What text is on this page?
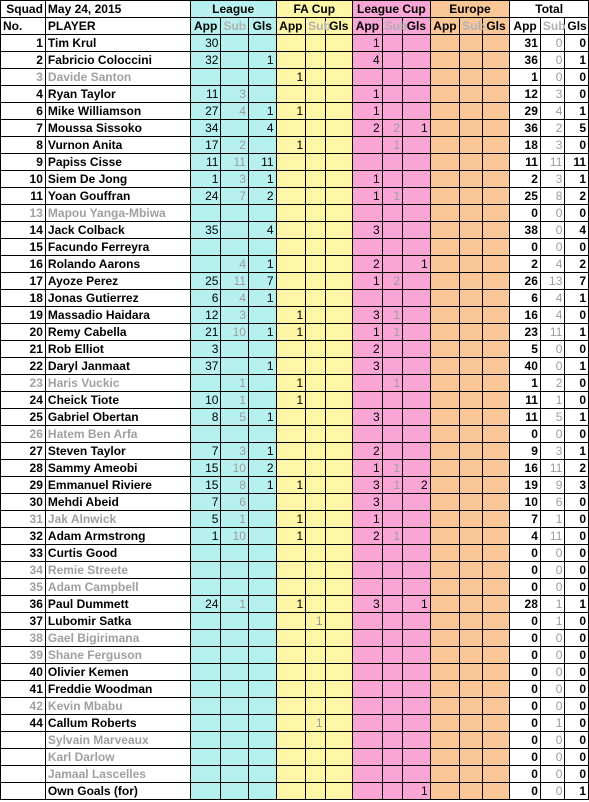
Squad	May 24, 2015	League			FA Cup			League Cup			Europe			Total		
No.	PLAYER	App	Sub	Gls	App	Sub	Gls	App	Sub	Gls	App	Sub	Gls	App	Sub	Gls
1	Tim Krul	30						1						31	0	0
2	Fabricio Coloccini	32		1				4						36	0	1
3	Davide Santon				1									1	0	0
4	Ryan Taylor	11	3					1						12	3	0
6	Mike Williamson	27	4	1	1			1						29	4	1
7	Moussa Sissoko	34		4				2	2	1				36	2	5
8	Vurnon Anita	17	2		1				1					18	3	0
9	Papiss Cisse	11	11	11										11	11	11
10	Siem De Jong	1	3	1				1						2	3	1
11	Yoan Gouffran	24	7	2				1	1					25	8	2
13	Mapou Yanga-Mbiwa													0	0	0
14	Jack Colback	35		4				3						38	0	4
15	Facundo Ferreyra													0	0	0
16	Rolando Aarons		4	1				2		1				2	4	2
17	Ayoze Perez	25	11	7				1	2					26	13	7
18	Jonas Gutierrez	6	4	1										6	4	1
19	Massadio Haidara	12	3		1			3	1					16	4	0
20	Remy Cabella	21	10	1	1			1	1					23	11	1
21	Rob Elliot	3						2						5	0	0
22	Daryl Janmaat	37		1				3						40	0	1
23	Haris Vuckic		1		1				1					1	2	0
24	Cheick Tiote	10	1		1									11	1	0
25	Gabriel Obertan	8	5	1				3						11	5	1
26	Hatem Ben Arfa													0	0	0
27	Steven Taylor	7	3	1				2						9	3	1
28	Sammy Ameobi	15	10	2				1	1					16	11	2
29	Emmanuel Riviere	15	8	1	1			3	1	2				19	9	3
30	Mehdi Abeid	7	6					3						10	6	0
31	Jak Alnwick	5	1		1			1						7	1	0
32	Adam Armstrong	1	10		1			2	1					4	11	0
33	Curtis Good													0	0	0
34	Remie Streete													0	0	0
35	Adam Campbell													0	0	0
36	Paul Dummett	24	1		1			3		1				28	1	1
37	Lubomir Satka					1								0	1	0
38	Gael Bigirimana													0	0	0
39	Shane Ferguson													0	0	0
40	Olivier Kemen													0	0	0
41	Freddie Woodman													0	0	0
42	Kevin Mbabu													0	0	0
44	Callum Roberts					1								0	1	0
	Sylvain Marveaux													0	0	0
	Karl Darlow													0	0	0
	Jamaal Lascelles													0	0	0
	Own Goals (for)									1				0	0	1
